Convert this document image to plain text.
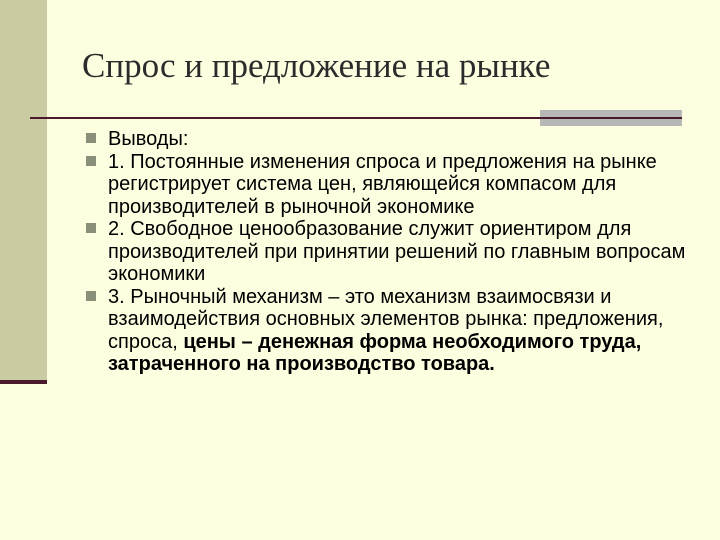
Спрос и предложение на рынке
Выводы:
1. Постоянные изменения спроса и предложения на рынке регистрирует система цен, являющейся компасом для производителей в рыночной экономике
2. Свободное ценообразование служит ориентиром для производителей при принятии решений по главным вопросам экономики
3. Рыночный механизм – это механизм взаимосвязи и взаимодействия основных элементов рынка: предложения, спроса, цены – денежная форма необходимого труда, затраченного на производство товара.
